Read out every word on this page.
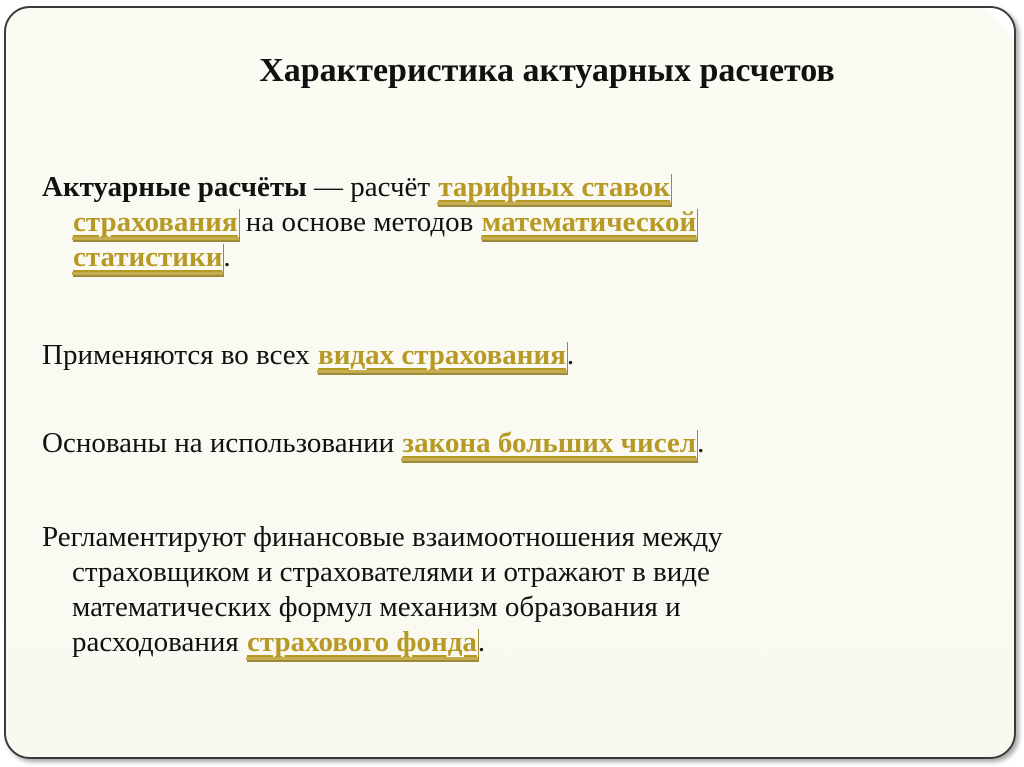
Характеристика актуарных расчетов
Актуарные расчёты — расчёт тарифных ставок
страхования на основе методов математической
статистики.
Применяются во всех видах страхования.
Основаны на использовании закона больших чисел.
Регламентируют финансовые взаимоотношения между
страховщиком и страхователями и отражают в виде
математических формул механизм образования и
расходования страхового фонда.
